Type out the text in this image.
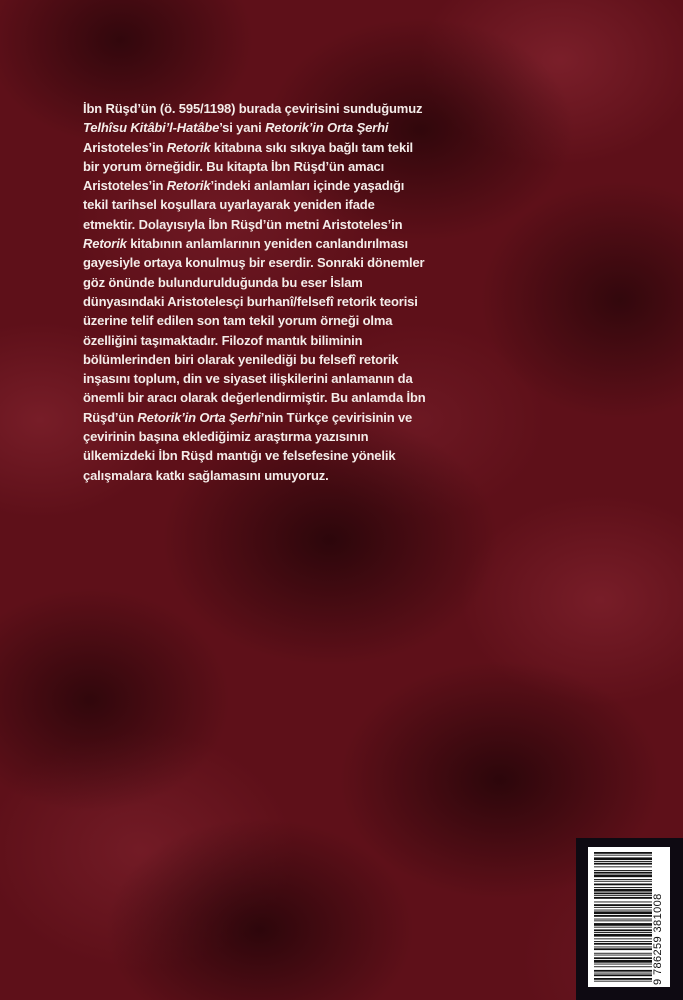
İbn Rüşd’ün (ö. 595/1198) burada çevirisini sunduğumuz Telhîsu Kitâbi’l-Hatâbe’si yani Retorik’in Orta Şerhi Aristoteles’in Retorik kitabına sıkı sıkıya bağlı tam tekil bir yorum örneğidir. Bu kitapta İbn Rüşd’ün amacı Aristoteles’in Retorik’indeki anlamları içinde yaşadığı tekil tarihsel koşullara uyarlayarak yeniden ifade etmektir. Dolayısıyla İbn Rüşd’ün metni Aristoteles’in Retorik kitabının anlamlarının yeniden canlandırılması gayesiyle ortaya konulmuş bir eserdir. Sonraki dönemler göz önünde bulundurulduğunda bu eser İslam dünyasındaki Aristotelesçi burhanî/felsefî retorik teorisi üzerine telif edilen son tam tekil yorum örneği olma özelliğini taşımaktadır. Filozof mantık biliminin bölümlerinden biri olarak yenilediği bu felsefî retorik inşasını toplum, din ve siyaset ilişkilerini anlamanın da önemli bir aracı olarak değerlendirmiştir. Bu anlamda İbn Rüşd’ün Retorik’in Orta Şerhi’nin Türkçe çevirisinin ve çevirinin başına eklediğimiz araştırma yazısının ülkemizdeki İbn Rüşd mantığı ve felsefesine yönelik çalışmalara katkı sağlamasını umuyoruz.

9 786259 381008
